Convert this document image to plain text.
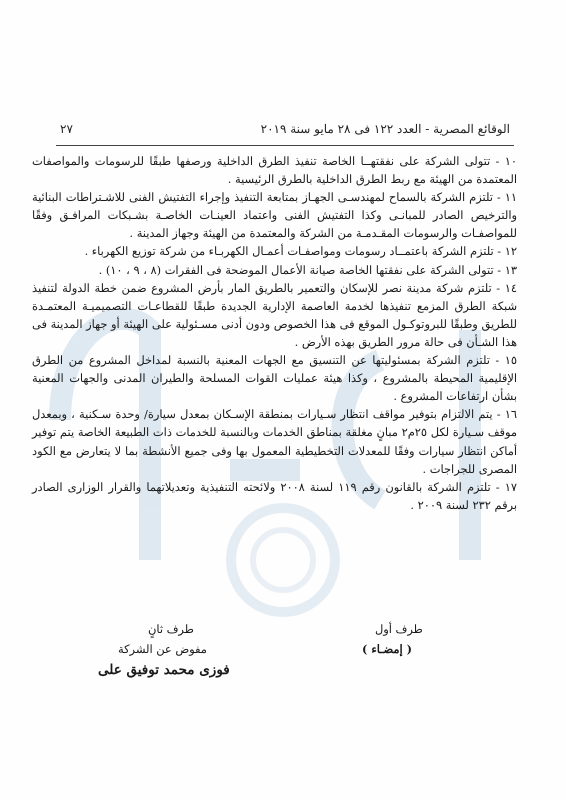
الوقائع المصرية - العدد ١٢٢ فى ٢٨ مايو سنة ٢٠١٩
٢٧

١٠ - تتولى الشركة على نفقتهــا الخاصة تنفيذ الطرق الداخلية ورصفها طبقًا للرسومات والمواصفات المعتمدة من الهيئة مع ربط الطرق الداخلية بالطرق الرئيسية .

١١ - تلتزم الشركة بالسماح لمهندسـى الجهـاز بمتابعة التنفيذ وإجراء التفتيش الفنى للاشـتراطات البنائية والترخيص الصادر للمبانـى وكذا التفتيش الفنى واعتماد العينـات الخاصـة بشـبكات المرافـق وفقًا للمواصفـات والرسومات المقـدمـة من الشركة والمعتمدة من الهيئة وجهاز المدينة .

١٢ - تلتزم الشركة باعتمــاد رسومات ومواصفـات أعمـال الكهربـاء من شركة توزيع الكهرباء .

١٣ - تتولى الشركة على نفقتها الخاصة صيانة الأعمال الموضحة فى الفقرات (٨ ، ٩ ، ١٠) .

١٤ - تلتزم شركة مدينة نصر للإسكان والتعمير بالطريق المار بأرض المشروع ضمن خطة الدولة لتنفيذ شبكة الطرق المزمع تنفيذها لخدمة العاصمة الإدارية الجديدة طبقًا للقطاعـات التصميميـة المعتمـدة للطريق وطبقًا للبروتوكـول الموقع فى هذا الخصوص ودون أدنى مسـئولية على الهيئة أو جهاز المدينة فى هذا الشـأن فى حالة مرور الطريق بهذه الأرض .

١٥ - تلتزم الشركة بمسئوليتها عن التنسيق مع الجهات المعنية بالنسبة لمداخل المشروع من الطرق الإقليمية المحيطة بالمشروع ، وكذا هيئة عمليات القوات المسلحة والطيران المدنى والجهات المعنية بشأن ارتفاعات المشروع .

١٦ - يتم الالتزام بتوفير مواقف انتظار سـيارات بمنطقة الإسـكان بمعدل سيارة/ وحدة سـكنية ، وبمعدل موقف سـيارة لكل ٢٥م٢ مبانٍ مغلقة بمناطق الخدمات وبالنسبة للخدمات ذات الطبيعة الخاصة يتم توفير أماكن انتظار سيارات وفقًا للمعدلات التخطيطية المعمول بها وفى جميع الأنشطة بما لا يتعارض مع الكود المصرى للجراجات .

١٧ - تلتزم الشركة بالقانون رقم ١١٩ لسنة ٢٠٠٨ ولائحته التنفيذية وتعديلاتهما والقرار الوزارى الصادر برقم ٢٣٢ لسنة ٢٠٠٩ .

طرف أول
( إمضـاء )
طرف ثانٍ
مفوض عن الشركة
فوزى محمد توفيق على
